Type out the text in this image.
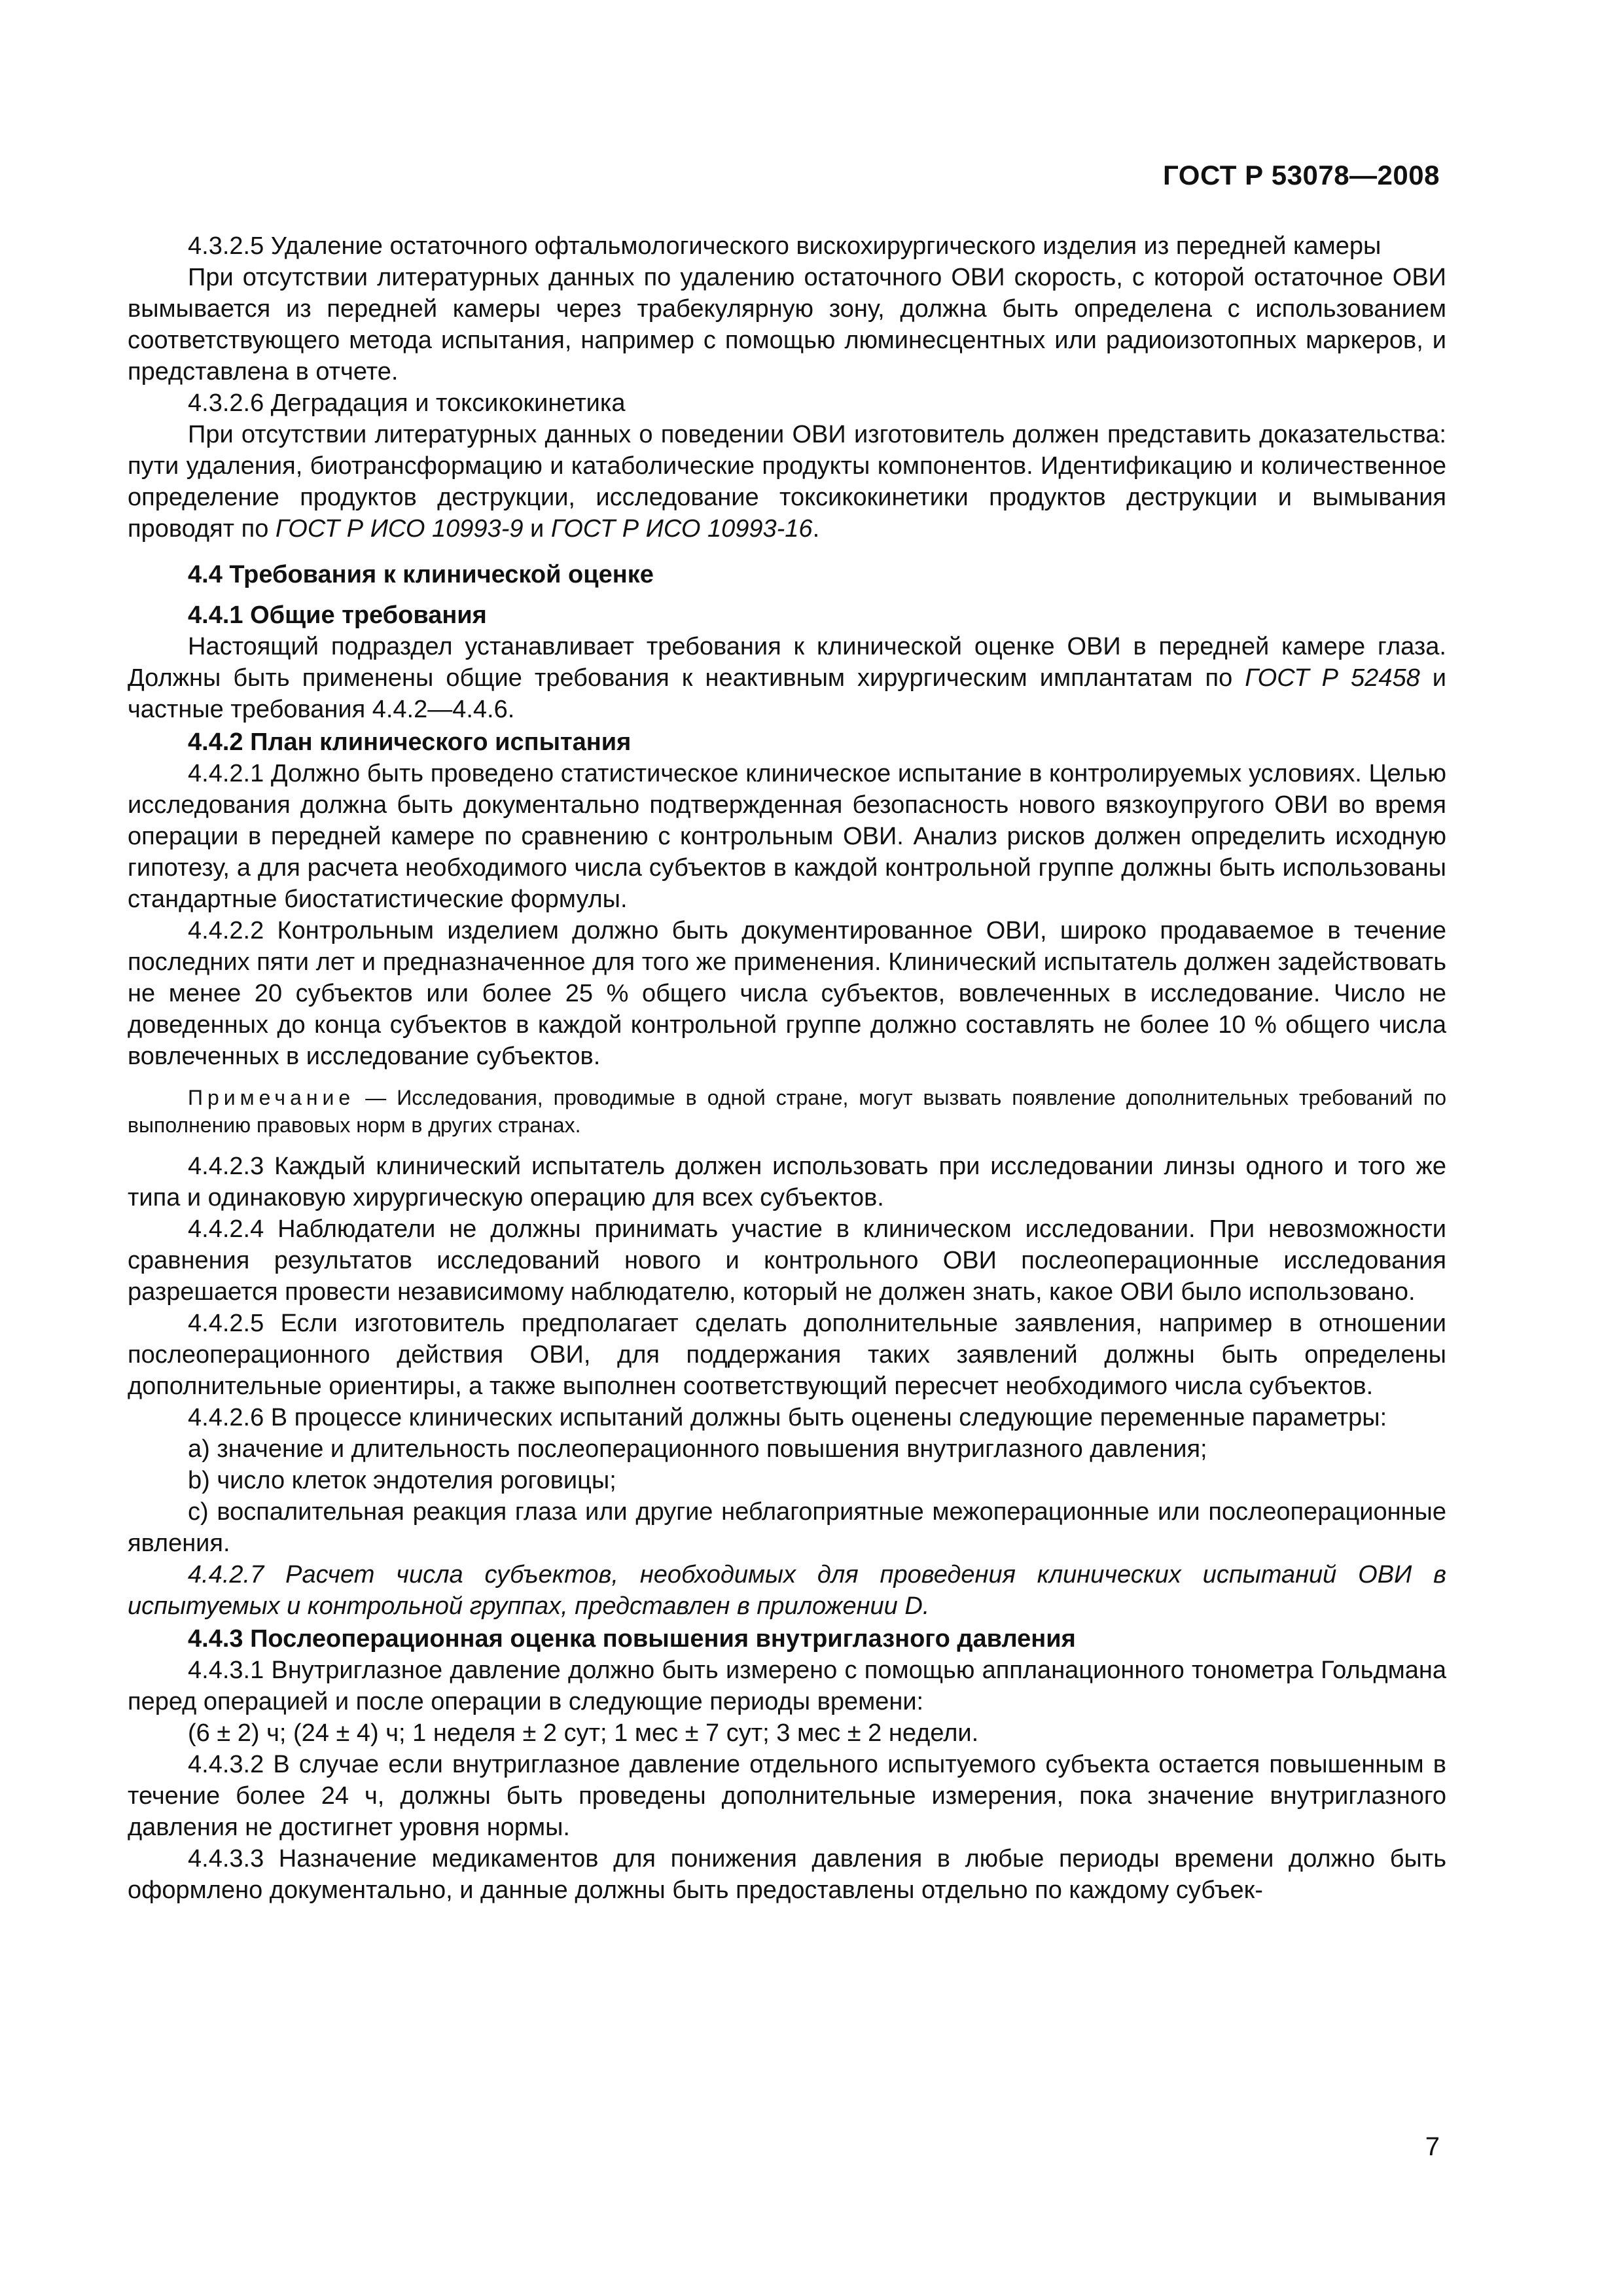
ГОСТ Р 53078—2008

4.3.2.5 Удаление остаточного офтальмологического вискохирургического изделия из передней камеры

При отсутствии литературных данных по удалению остаточного ОВИ скорость, с которой остаточное ОВИ вымывается из передней камеры через трабекулярную зону, должна быть определена с использованием соответствующего метода испытания, например с помощью люминесцентных или радиоизотопных маркеров, и представлена в отчете.

4.3.2.6 Деградация и токсикокинетика

При отсутствии литературных данных о поведении ОВИ изготовитель должен представить доказательства: пути удаления, биотрансформацию и катаболические продукты компонентов. Идентификацию и количественное определение продуктов деструкции, исследование токсикокинетики продуктов деструкции и вымывания проводят по ГОСТ Р ИСО 10993-9 и ГОСТ Р ИСО 10993-16.

4.4 Требования к клинической оценке

4.4.1 Общие требования

Настоящий подраздел устанавливает требования к клинической оценке ОВИ в передней камере глаза. Должны быть применены общие требования к неактивным хирургическим имплантатам по ГОСТ Р 52458 и частные требования 4.4.2—4.4.6.

4.4.2 План клинического испытания

4.4.2.1 Должно быть проведено статистическое клиническое испытание в контролируемых условиях. Целью исследования должна быть документально подтвержденная безопасность нового вязкоупругого ОВИ во время операции в передней камере по сравнению с контрольным ОВИ. Анализ рисков должен определить исходную гипотезу, а для расчета необходимого числа субъектов в каждой контрольной группе должны быть использованы стандартные биостатистические формулы.

4.4.2.2 Контрольным изделием должно быть документированное ОВИ, широко продаваемое в течение последних пяти лет и предназначенное для того же применения. Клинический испытатель должен задействовать не менее 20 субъектов или более 25 % общего числа субъектов, вовлеченных в исследование. Число не доведенных до конца субъектов в каждой контрольной группе должно составлять не более 10 % общего числа вовлеченных в исследование субъектов.

Примечание — Исследования, проводимые в одной стране, могут вызвать появление дополнительных требований по выполнению правовых норм в других странах.

4.4.2.3 Каждый клинический испытатель должен использовать при исследовании линзы одного и того же типа и одинаковую хирургическую операцию для всех субъектов.

4.4.2.4 Наблюдатели не должны принимать участие в клиническом исследовании. При невозможности сравнения результатов исследований нового и контрольного ОВИ послеоперационные исследования разрешается провести независимому наблюдателю, который не должен знать, какое ОВИ было использовано.

4.4.2.5 Если изготовитель предполагает сделать дополнительные заявления, например в отношении послеоперационного действия ОВИ, для поддержания таких заявлений должны быть определены дополнительные ориентиры, а также выполнен соответствующий пересчет необходимого числа субъектов.

4.4.2.6 В процессе клинических испытаний должны быть оценены следующие переменные параметры:

a) значение и длительность послеоперационного повышения внутриглазного давления;

b) число клеток эндотелия роговицы;

c) воспалительная реакция глаза или другие неблагоприятные межоперационные или послеоперационные явления.

4.4.2.7 Расчет числа субъектов, необходимых для проведения клинических испытаний ОВИ в испытуемых и контрольной группах, представлен в приложении D.

4.4.3 Послеоперационная оценка повышения внутриглазного давления

4.4.3.1 Внутриглазное давление должно быть измерено с помощью аппланационного тонометра Гольдмана перед операцией и после операции в следующие периоды времени:

(6 ± 2) ч; (24 ± 4) ч; 1 неделя ± 2 сут; 1 мес ± 7 сут; 3 мес ± 2 недели.

4.4.3.2 В случае если внутриглазное давление отдельного испытуемого субъекта остается повышенным в течение более 24 ч, должны быть проведены дополнительные измерения, пока значение внутриглазного давления не достигнет уровня нормы.

4.4.3.3 Назначение медикаментов для понижения давления в любые периоды времени должно быть оформлено документально, и данные должны быть предоставлены отдельно по каждому субъек-

7
